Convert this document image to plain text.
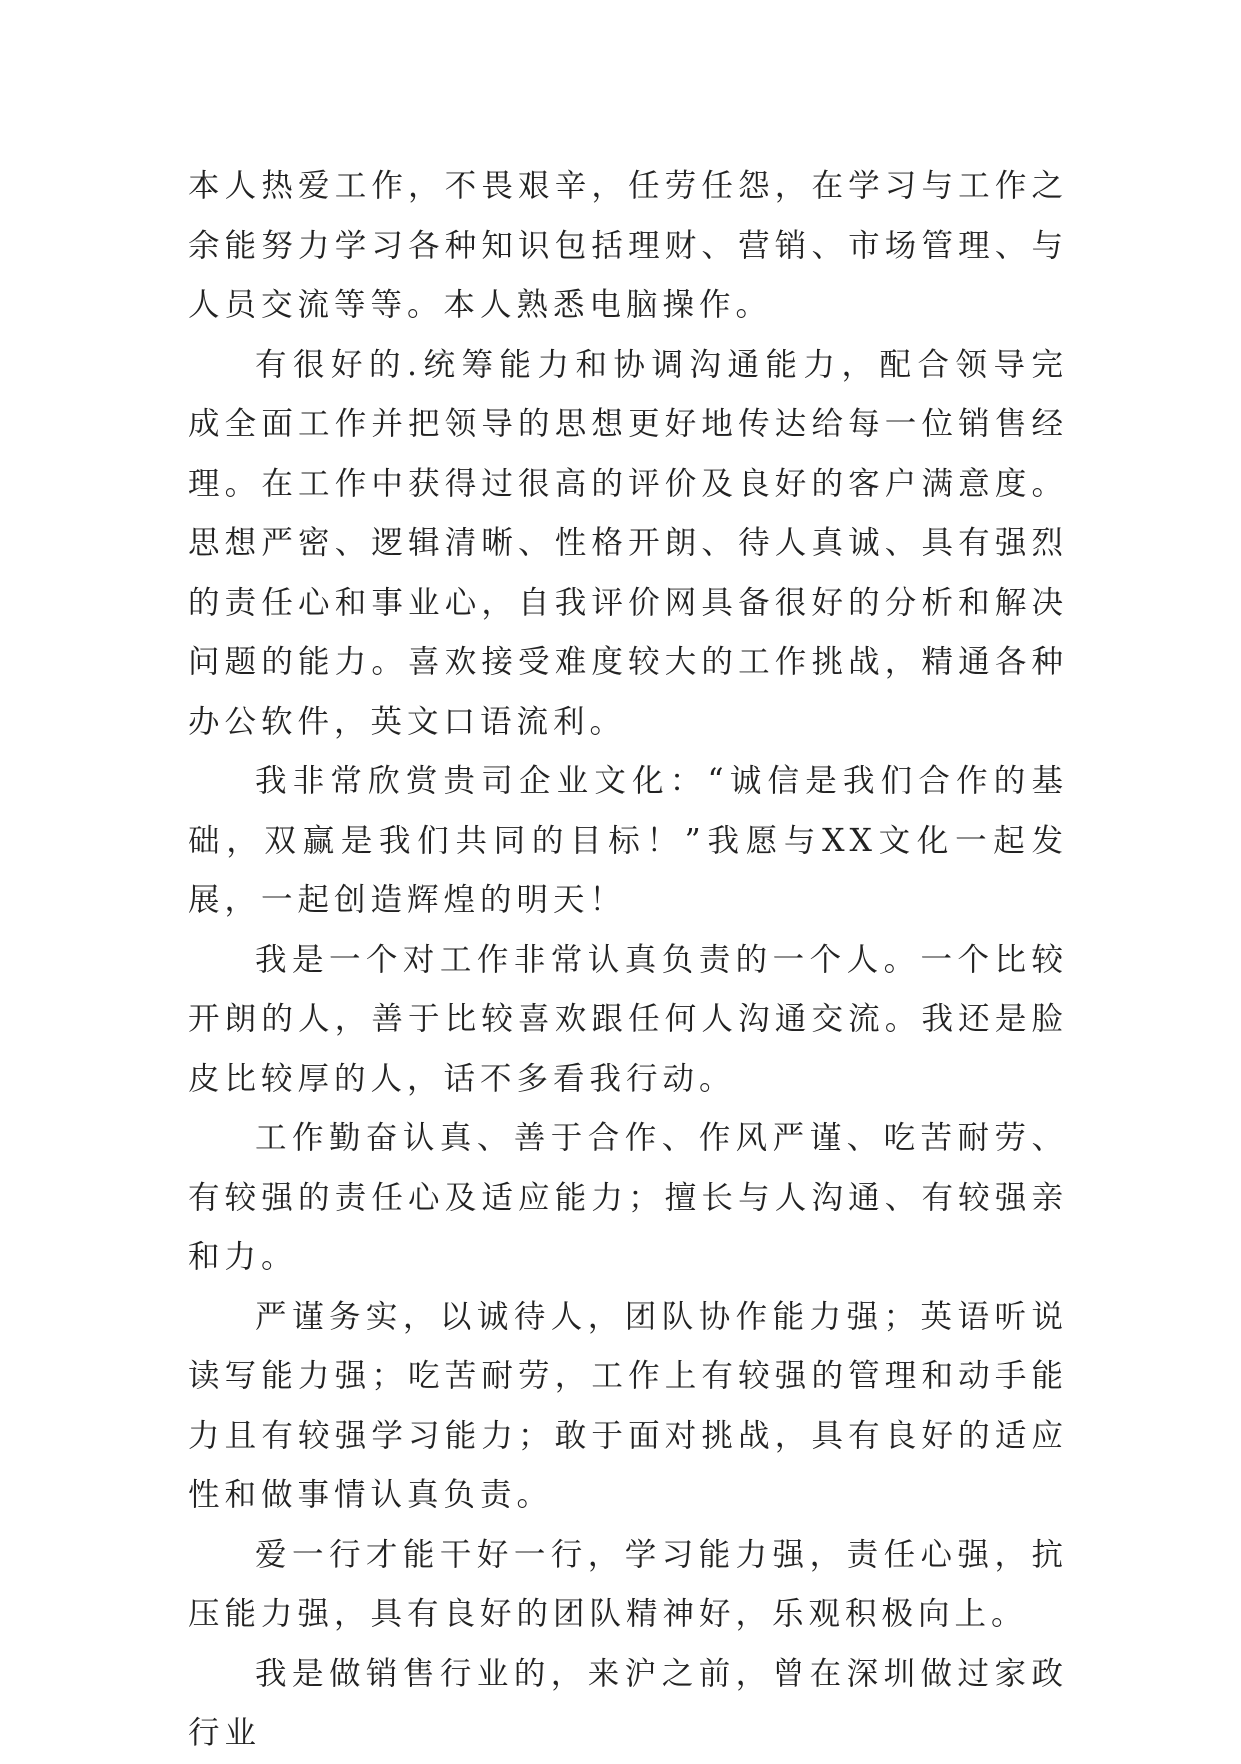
本人热爱工作，不畏艰辛，任劳任怨，在学习与工作之余能努力学习各种知识包括理财、营销、市场管理、与人员交流等等。本人熟悉电脑操作。

有很好的.统筹能力和协调沟通能力，配合领导完成全面工作并把领导的思想更好地传达给每一位销售经理。在工作中获得过很高的评价及良好的客户满意度。思想严密、逻辑清晰、性格开朗、待人真诚、具有强烈的责任心和事业心，自我评价网具备很好的分析和解决问题的能力。喜欢接受难度较大的工作挑战，精通各种办公软件，英文口语流利。

我非常欣赏贵司企业文化：“诚信是我们合作的基础，双赢是我们共同的目标！”我愿与XX文化一起发展，一起创造辉煌的明天！

我是一个对工作非常认真负责的一个人。一个比较开朗的人，善于比较喜欢跟任何人沟通交流。我还是脸皮比较厚的人，话不多看我行动。

工作勤奋认真、善于合作、作风严谨、吃苦耐劳、有较强的责任心及适应能力；擅长与人沟通、有较强亲和力。

严谨务实，以诚待人，团队协作能力强；英语听说读写能力强；吃苦耐劳，工作上有较强的管理和动手能力且有较强学习能力；敢于面对挑战，具有良好的适应性和做事情认真负责。

爱一行才能干好一行，学习能力强，责任心强，抗压能力强，具有良好的团队精神好，乐观积极向上。

我是做销售行业的，来沪之前，曾在深圳做过家政行业
